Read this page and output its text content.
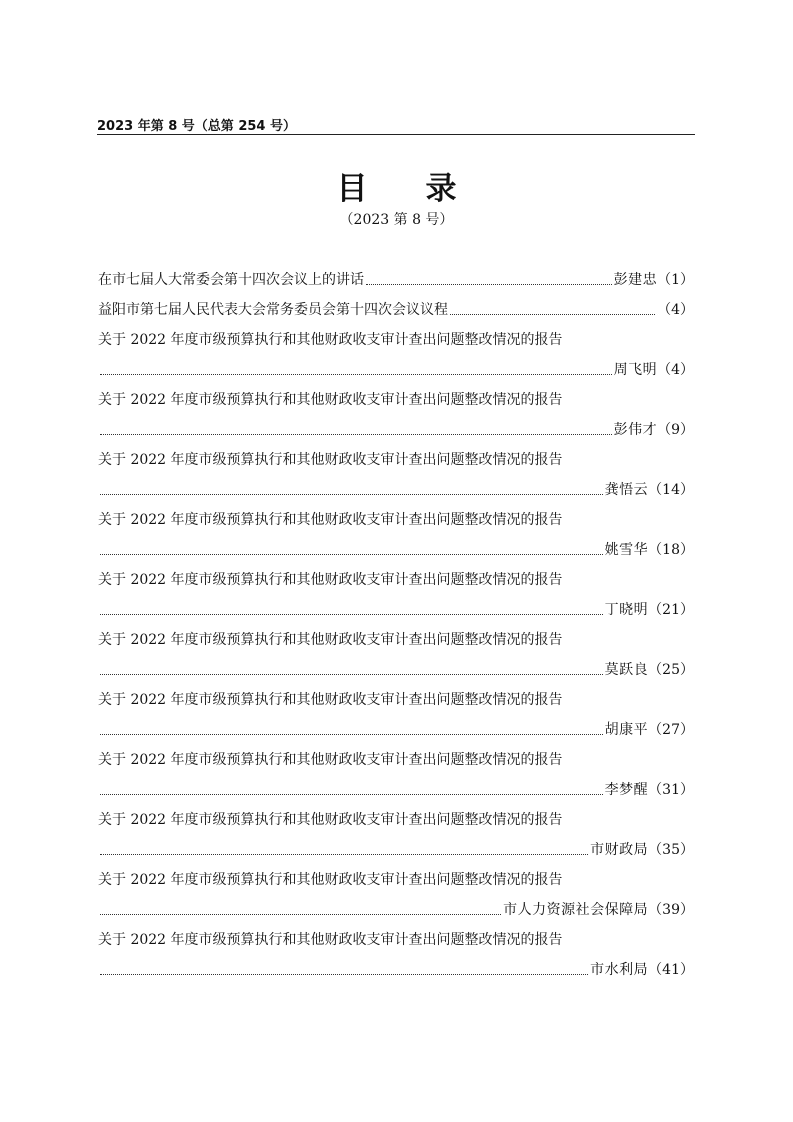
2023 年第 8 号（总第 254 号）
目录
（2023 第 8 号）
在市七届人大常委会第十四次会议上的讲话	彭建忠 （1）
益阳市第七届人民代表大会常务委员会第十四次会议议程	（4）
关于 2022 年度市级预算执行和其他财政收支审计查出问题整改情况的报告
周飞明 （4）
关于 2022 年度市级预算执行和其他财政收支审计查出问题整改情况的报告
彭伟才 （9）
关于 2022 年度市级预算执行和其他财政收支审计查出问题整改情况的报告
龚悟云 （14）
关于 2022 年度市级预算执行和其他财政收支审计查出问题整改情况的报告
姚雪华 （18）
关于 2022 年度市级预算执行和其他财政收支审计查出问题整改情况的报告
丁晓明 （21）
关于 2022 年度市级预算执行和其他财政收支审计查出问题整改情况的报告
莫跃良 （25）
关于 2022 年度市级预算执行和其他财政收支审计查出问题整改情况的报告
胡康平 （27）
关于 2022 年度市级预算执行和其他财政收支审计查出问题整改情况的报告
李梦醒 （31）
关于 2022 年度市级预算执行和其他财政收支审计查出问题整改情况的报告
市财政局 （35）
关于 2022 年度市级预算执行和其他财政收支审计查出问题整改情况的报告
市人力资源社会保障局 （39）
关于 2022 年度市级预算执行和其他财政收支审计查出问题整改情况的报告
市水利局 （41）
